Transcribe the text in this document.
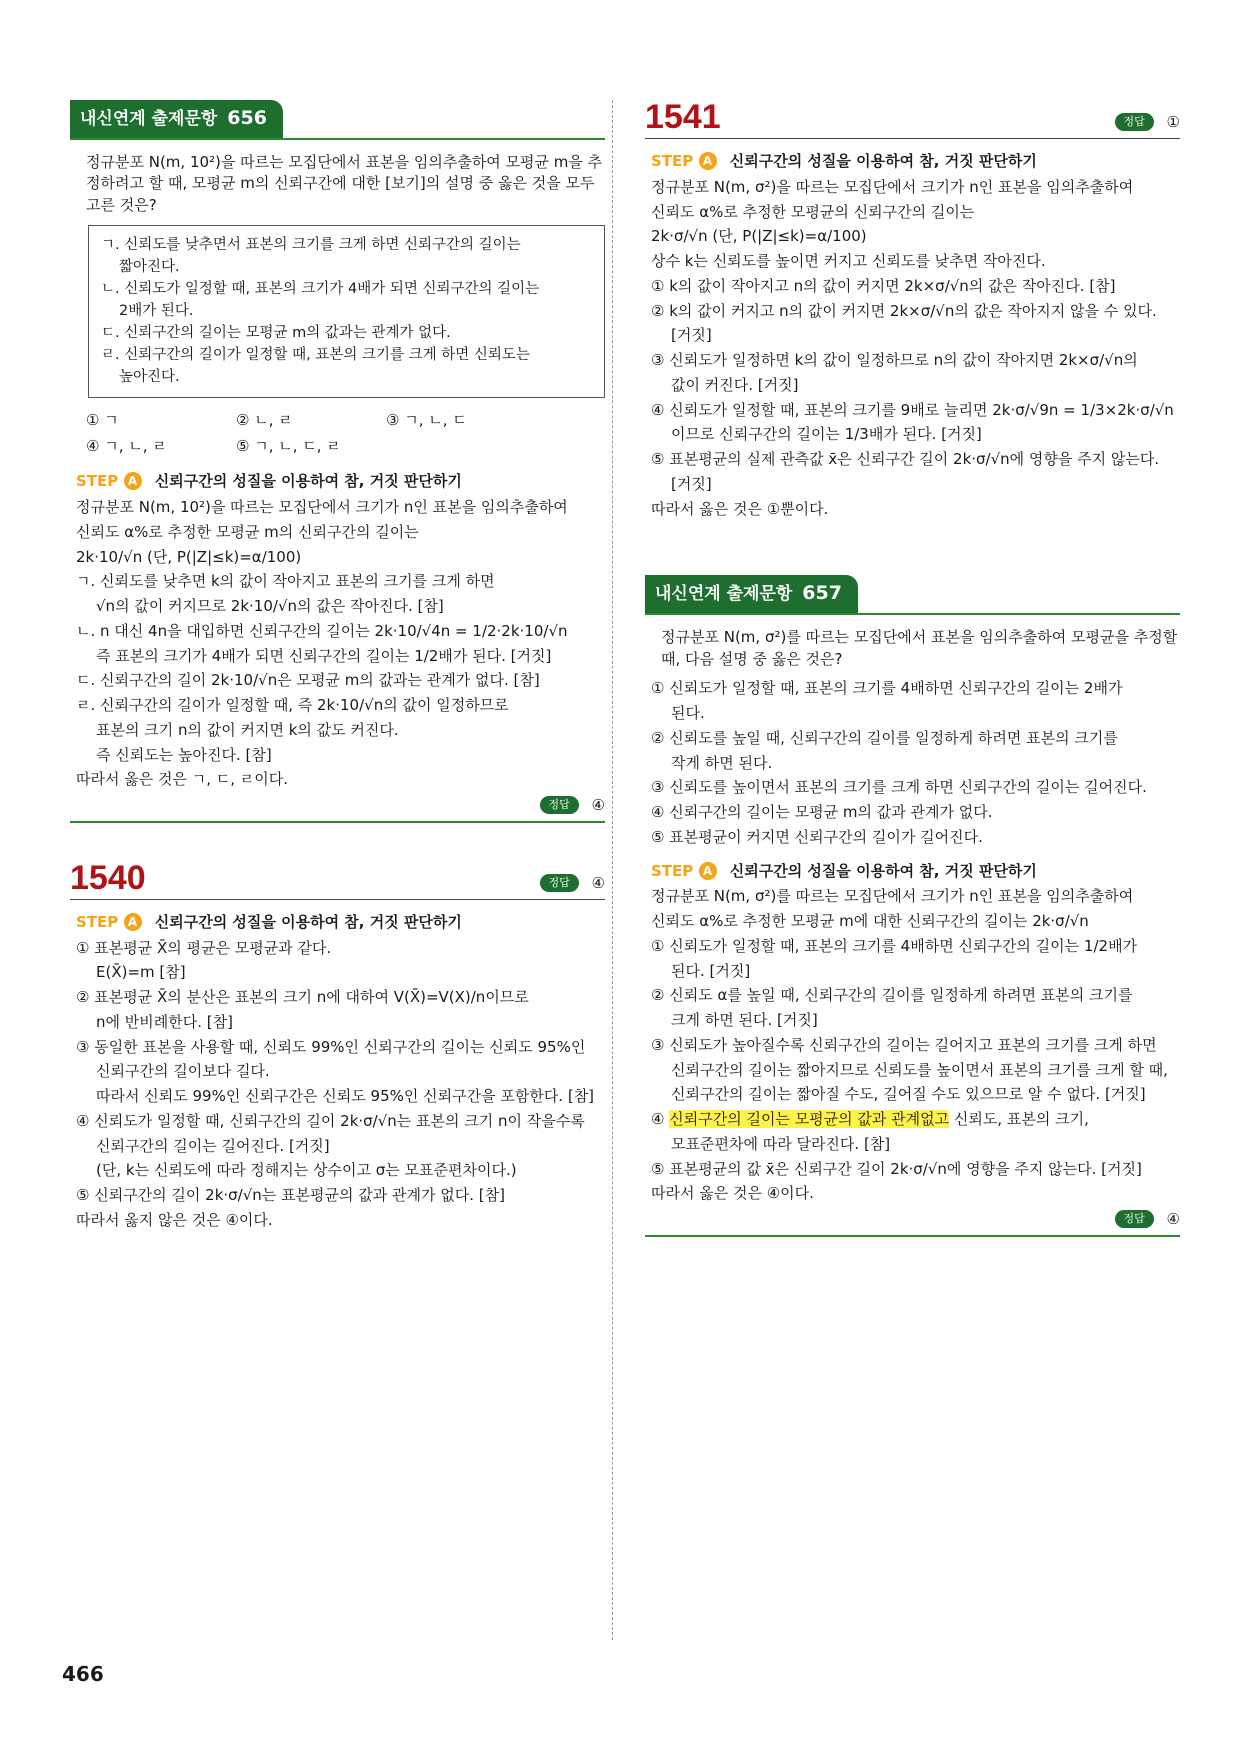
내신연계 출제문항 656
정규분포 N(m, 10²)을 따르는 모집단에서 표본을 임의추출하여 모평균 m을 추정하려고 할 때, 모평균 m의 신뢰구간에 대한 [보기]의 설명 중 옳은 것을 모두 고른 것은?

ㄱ. 신뢰도를 낮추면서 표본의 크기를 크게 하면 신뢰구간의 길이는

짧아진다.

ㄴ. 신뢰도가 일정할 때, 표본의 크기가 4배가 되면 신뢰구간의 길이는

2배가 된다.

ㄷ. 신뢰구간의 길이는 모평균 m의 값과는 관계가 없다.

ㄹ. 신뢰구간의 길이가 일정할 때, 표본의 크기를 크게 하면 신뢰도는

높아진다.

① ㄱ	② ㄴ, ㄹ	③ ㄱ, ㄴ, ㄷ
④ ㄱ, ㄴ, ㄹ	⑤ ㄱ, ㄴ, ㄷ, ㄹ
STEP A 신뢰구간의 성질을 이용하여 참, 거짓 판단하기
정규분포 N(m, 10²)을 따르는 모집단에서 크기가 n인 표본을 임의추출하여
신뢰도 α%로 추정한 모평균 m의 신뢰구간의 길이는
2k·10/√n (단, P(|Z|≤k)=α/100)
ㄱ. 신뢰도를 낮추면 k의 값이 작아지고 표본의 크기를 크게 하면
√n의 값이 커지므로 2k·10/√n의 값은 작아진다. [참]
ㄴ. n 대신 4n을 대입하면 신뢰구간의 길이는 2k·10/√4n = 1/2·2k·10/√n
즉 표본의 크기가 4배가 되면 신뢰구간의 길이는 1/2배가 된다. [거짓]
ㄷ. 신뢰구간의 길이 2k·10/√n은 모평균 m의 값과는 관계가 없다. [참]
ㄹ. 신뢰구간의 길이가 일정할 때, 즉 2k·10/√n의 값이 일정하므로
표본의 크기 n의 값이 커지면 k의 값도 커진다.
즉 신뢰도는 높아진다. [참]
따라서 옳은 것은 ㄱ, ㄷ, ㄹ이다.
정답 ④
1540	정답 ④
STEP A 신뢰구간의 성질을 이용하여 참, 거짓 판단하기
① 표본평균 X̄의 평균은 모평균과 같다.
E(X̄)=m [참]
② 표본평균 X̄의 분산은 표본의 크기 n에 대하여 V(X̄)=V(X)/n이므로
n에 반비례한다. [참]
③ 동일한 표본을 사용할 때, 신뢰도 99%인 신뢰구간의 길이는 신뢰도 95%인
신뢰구간의 길이보다 길다.
따라서 신뢰도 99%인 신뢰구간은 신뢰도 95%인 신뢰구간을 포함한다. [참]
④ 신뢰도가 일정할 때, 신뢰구간의 길이 2k·σ/√n는 표본의 크기 n이 작을수록
신뢰구간의 길이는 길어진다. [거짓]
(단, k는 신뢰도에 따라 정해지는 상수이고 σ는 모표준편차이다.)
⑤ 신뢰구간의 길이 2k·σ/√n는 표본평균의 값과 관계가 없다. [참]
따라서 옳지 않은 것은 ④이다.
1541	정답 ①
STEP A 신뢰구간의 성질을 이용하여 참, 거짓 판단하기
정규분포 N(m, σ²)을 따르는 모집단에서 크기가 n인 표본을 임의추출하여
신뢰도 α%로 추정한 모평균의 신뢰구간의 길이는
2k·σ/√n (단, P(|Z|≤k)=α/100)
상수 k는 신뢰도를 높이면 커지고 신뢰도를 낮추면 작아진다.
① k의 값이 작아지고 n의 값이 커지면 2k×σ/√n의 값은 작아진다. [참]
② k의 값이 커지고 n의 값이 커지면 2k×σ/√n의 값은 작아지지 않을 수 있다.
[거짓]
③ 신뢰도가 일정하면 k의 값이 일정하므로 n의 값이 작아지면 2k×σ/√n의
값이 커진다. [거짓]
④ 신뢰도가 일정할 때, 표본의 크기를 9배로 늘리면 2k·σ/√9n = 1/3×2k·σ/√n
이므로 신뢰구간의 길이는 1/3배가 된다. [거짓]
⑤ 표본평균의 실제 관측값 x̄은 신뢰구간 길이 2k·σ/√n에 영향을 주지 않는다.
[거짓]
따라서 옳은 것은 ①뿐이다.
내신연계 출제문항 657
정규분포 N(m, σ²)를 따르는 모집단에서 표본을 임의추출하여 모평균을 추정할 때, 다음 설명 중 옳은 것은?
① 신뢰도가 일정할 때, 표본의 크기를 4배하면 신뢰구간의 길이는 2배가
된다.
② 신뢰도를 높일 때, 신뢰구간의 길이를 일정하게 하려면 표본의 크기를
작게 하면 된다.
③ 신뢰도를 높이면서 표본의 크기를 크게 하면 신뢰구간의 길이는 길어진다.
④ 신뢰구간의 길이는 모평균 m의 값과 관계가 없다.
⑤ 표본평균이 커지면 신뢰구간의 길이가 길어진다.
STEP A 신뢰구간의 성질을 이용하여 참, 거짓 판단하기
정규분포 N(m, σ²)를 따르는 모집단에서 크기가 n인 표본을 임의추출하여
신뢰도 α%로 추정한 모평균 m에 대한 신뢰구간의 길이는 2k·σ/√n
① 신뢰도가 일정할 때, 표본의 크기를 4배하면 신뢰구간의 길이는 1/2배가
된다. [거짓]
② 신뢰도 α를 높일 때, 신뢰구간의 길이를 일정하게 하려면 표본의 크기를
크게 하면 된다. [거짓]
③ 신뢰도가 높아질수록 신뢰구간의 길이는 길어지고 표본의 크기를 크게 하면
신뢰구간의 길이는 짧아지므로 신뢰도를 높이면서 표본의 크기를 크게 할 때,
신뢰구간의 길이는 짧아질 수도, 길어질 수도 있으므로 알 수 없다. [거짓]
④ 신뢰구간의 길이는 모평균의 값과 관계없고 신뢰도, 표본의 크기,
모표준편차에 따라 달라진다. [참]
⑤ 표본평균의 값 x̄은 신뢰구간 길이 2k·σ/√n에 영향을 주지 않는다. [거짓]
따라서 옳은 것은 ④이다.
정답 ④
466
